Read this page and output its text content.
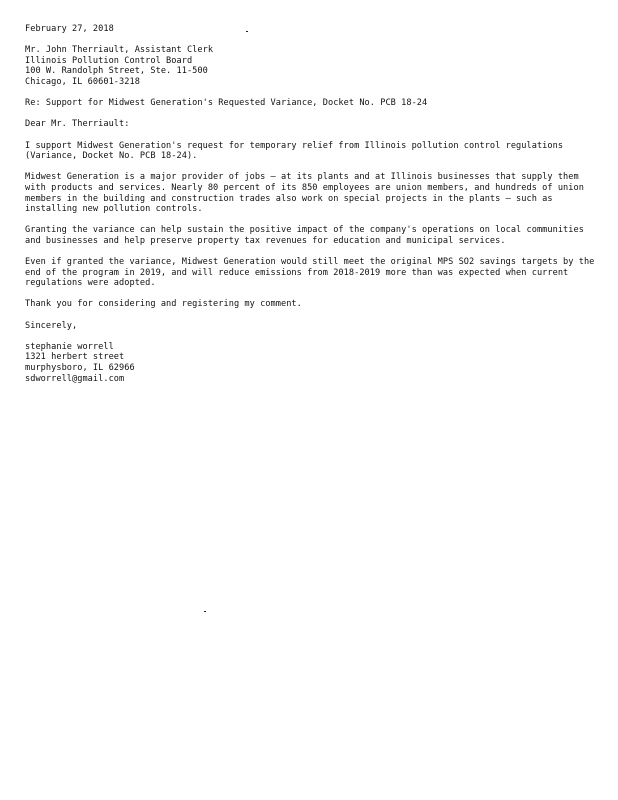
February 27, 2018
Mr. John Therriault, Assistant Clerk
Illinois Pollution Control Board
100 W. Randolph Street, Ste. 11-500
Chicago, IL 60601-3218
Re: Support for Midwest Generation's Requested Variance, Docket No. PCB 18-24
Dear Mr. Therriault:

I support Midwest Generation's request for temporary relief from Illinois pollution control regulations (Variance, Docket No. PCB 18-24).

Midwest Generation is a major provider of jobs – at its plants and at Illinois businesses that supply them with products and services. Nearly 80 percent of its 850 employees are union members, and hundreds of union members in the building and construction trades also work on special projects in the plants – such as installing new pollution controls.

Granting the variance can help sustain the positive impact of the company's operations on local communities and businesses and help preserve property tax revenues for education and municipal services.

Even if granted the variance, Midwest Generation would still meet the original MPS SO2 savings targets by the end of the program in 2019, and will reduce emissions from 2018-2019 more than was expected when current regulations were adopted.

Thank you for considering and registering my comment.

Sincerely,
stephanie worrell
1321 herbert street
murphysboro, IL 62966
sdworrell@gmail.com
